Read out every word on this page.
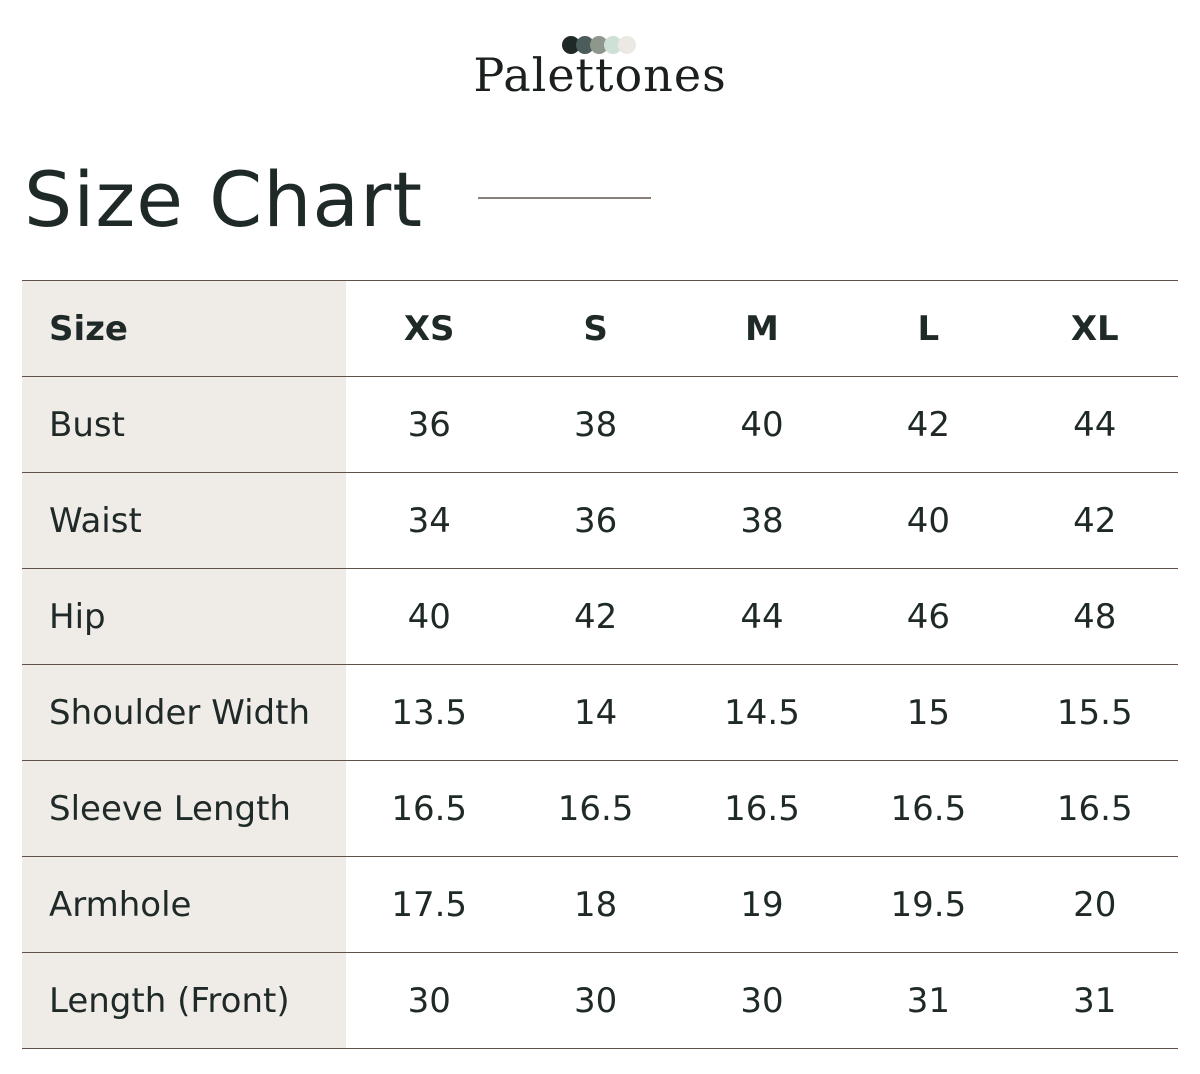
Palettones
Size Chart
Size	XS	S	M	L	XL
Bust	36	38	40	42	44
Waist	34	36	38	40	42
Hip	40	42	44	46	48
Shoulder Width	13.5	14	14.5	15	15.5
Sleeve Length	16.5	16.5	16.5	16.5	16.5
Armhole	17.5	18	19	19.5	20
Length (Front)	30	30	30	31	31
